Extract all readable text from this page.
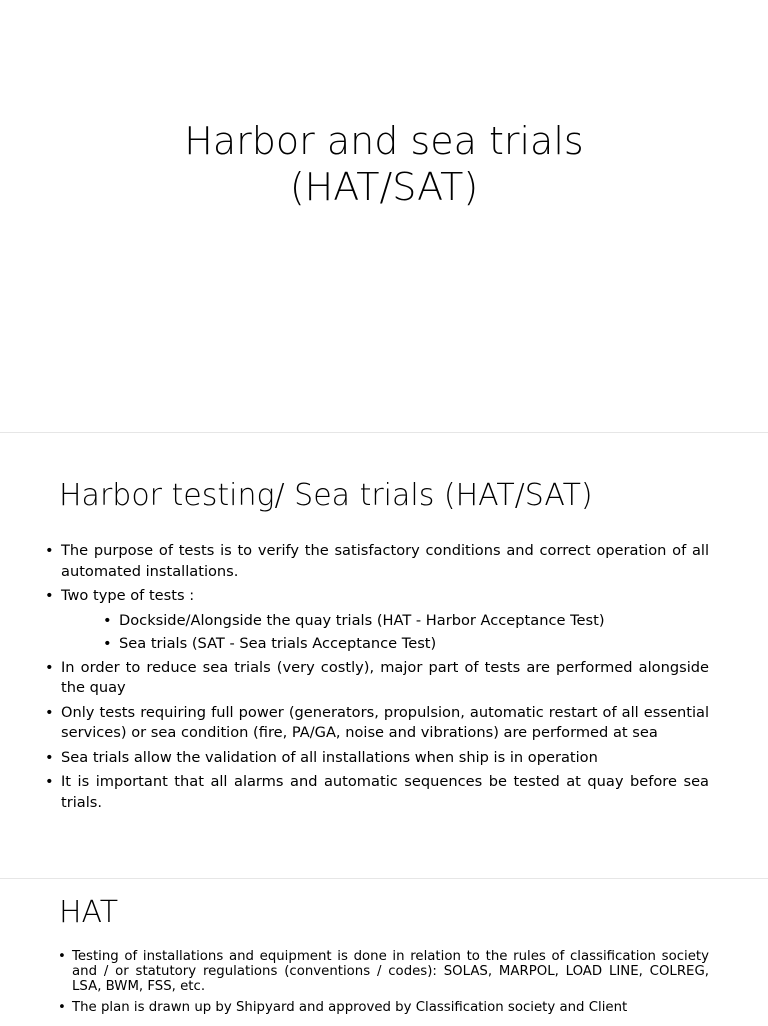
Harbor and sea trials
(HAT/SAT)
Harbor testing/ Sea trials (HAT/SAT)
• The purpose of tests is to verify the satisfactory conditions and correct operation of all automated installations.
• Two type of tests :
• Dockside/Alongside the quay trials (HAT - Harbor Acceptance Test)
• Sea trials (SAT - Sea trials Acceptance Test)
• In order to reduce sea trials (very costly), major part of tests are performed alongside the quay
• Only tests requiring full power (generators, propulsion, automatic restart of all essential services) or sea condition (fire, PA/GA, noise and vibrations) are performed at sea
• Sea trials allow the validation of all installations when ship is in operation
• It is important that all alarms and automatic sequences be tested at quay before sea trials.
HAT
• Testing of installations and equipment is done in relation to the rules of classification society and / or statutory regulations (conventions / codes): SOLAS, MARPOL, LOAD LINE, COLREG, LSA, BWM, FSS, etc.
• The plan is drawn up by Shipyard and approved by Classification society and Client
